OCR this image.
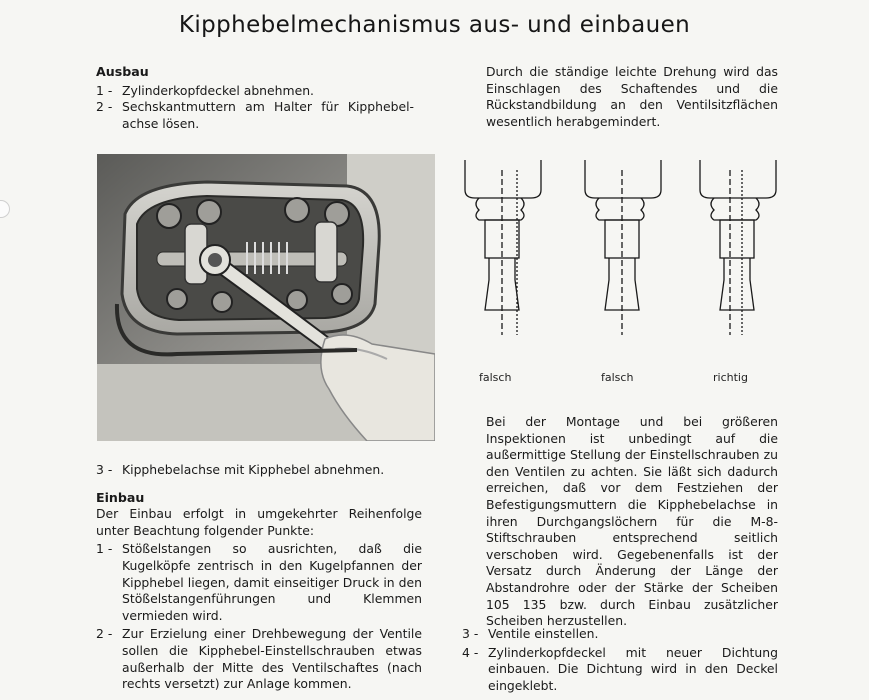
Kipphebelmechanismus aus- und einbauen
Ausbau
1 - Zylinderkopfdeckel abnehmen.
2 - Sechskantmuttern am Halter für Kipphebel-achse lösen.
3 - Kipphebelachse mit Kipphebel abnehmen.
Einbau
Der Einbau erfolgt in umgekehrter Reihenfolge unter Beachtung folgender Punkte:
1 - Stößelstangen so ausrichten, daß die Kugelköpfe zentrisch in den Kugelpfannen der Kipphebel liegen, damit einseitiger Druck in den Stößelstangenführungen und Klemmen vermieden wird.
2 - Zur Erzielung einer Drehbewegung der Ventile sollen die Kipphebel-Einstellschrauben etwas außerhalb der Mitte des Ventilschaftes (nach rechts versetzt) zur Anlage kommen.
Durch die ständige leichte Drehung wird das Einschlagen des Schaftendes und die Rückstandbildung an den Ventilsitzflächen wesentlich herabgemindert.
falsch	falsch	richtig
Bei der Montage und bei größeren Inspektionen ist unbedingt auf die außermittige Stellung der Einstellschrauben zu den Ventilen zu achten. Sie läßt sich dadurch erreichen, daß vor dem Festziehen der Befestigungsmuttern die Kipphebelachse in ihren Durchgangslöchern für die M-8-Stiftschrauben entsprechend seitlich verschoben wird. Gegebenenfalls ist der Versatz durch Änderung der Länge der Abstandrohre oder der Stärke der Scheiben 105 135 bzw. durch Einbau zusätzlicher Scheiben herzustellen.
3 - Ventile einstellen.
4 - Zylinderkopfdeckel mit neuer Dichtung einbauen. Die Dichtung wird in den Deckel eingeklebt.
